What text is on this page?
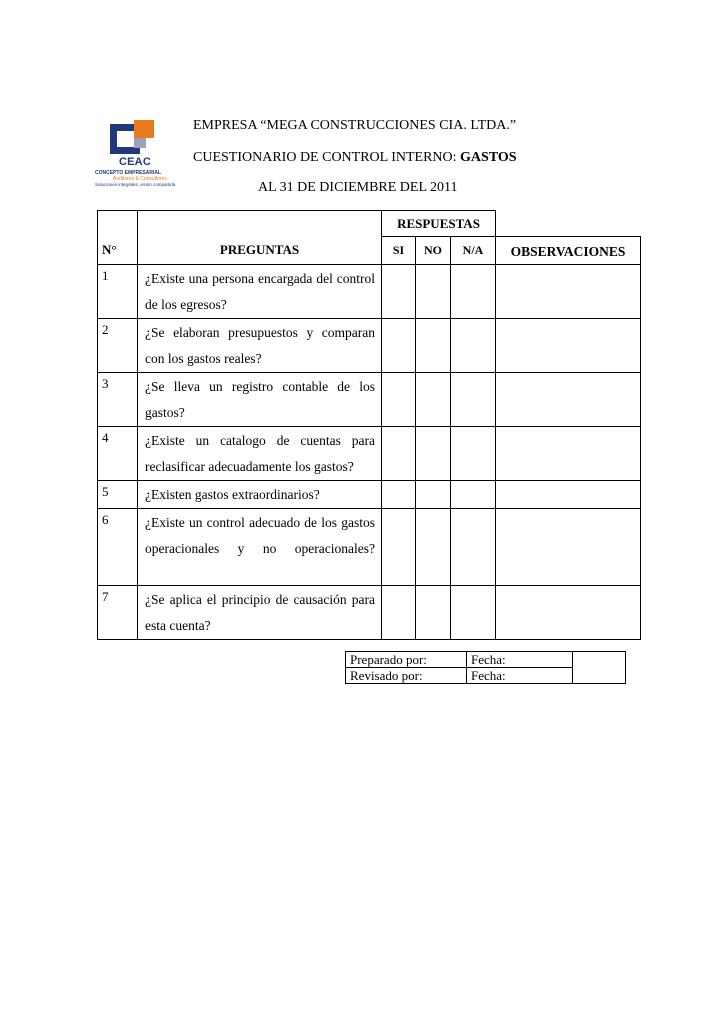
CEAC
CONCEPTO EMPRESARIAL
Auditores & Consultores
Soluciones integrales, visión compartida
EMPRESA “MEGA CONSTRUCCIONES CIA. LTDA.”
CUESTIONARIO DE CONTROL INTERNO: GASTOS
AL 31 DE DICIEMBRE DEL 2011
		RESPUESTAS			
N°	PREGUNTAS	SI	NO	N/A	OBSERVACIONES
1	¿Existe una persona encargada del control de los egresos?				
2	¿Se elaboran presupuestos y comparan con los gastos reales?				
3	¿Se lleva un registro contable de los gastos?				
4	¿Existe un catalogo de cuentas para reclasificar adecuadamente los gastos?				
5	¿Existen gastos extraordinarios?				
6	¿Existe un control adecuado de los gastos operacionales y no operacionales?				
7	¿Se aplica el principio de causación para esta cuenta?				
Preparado por:	Fecha:	
Revisado por:	Fecha:	
